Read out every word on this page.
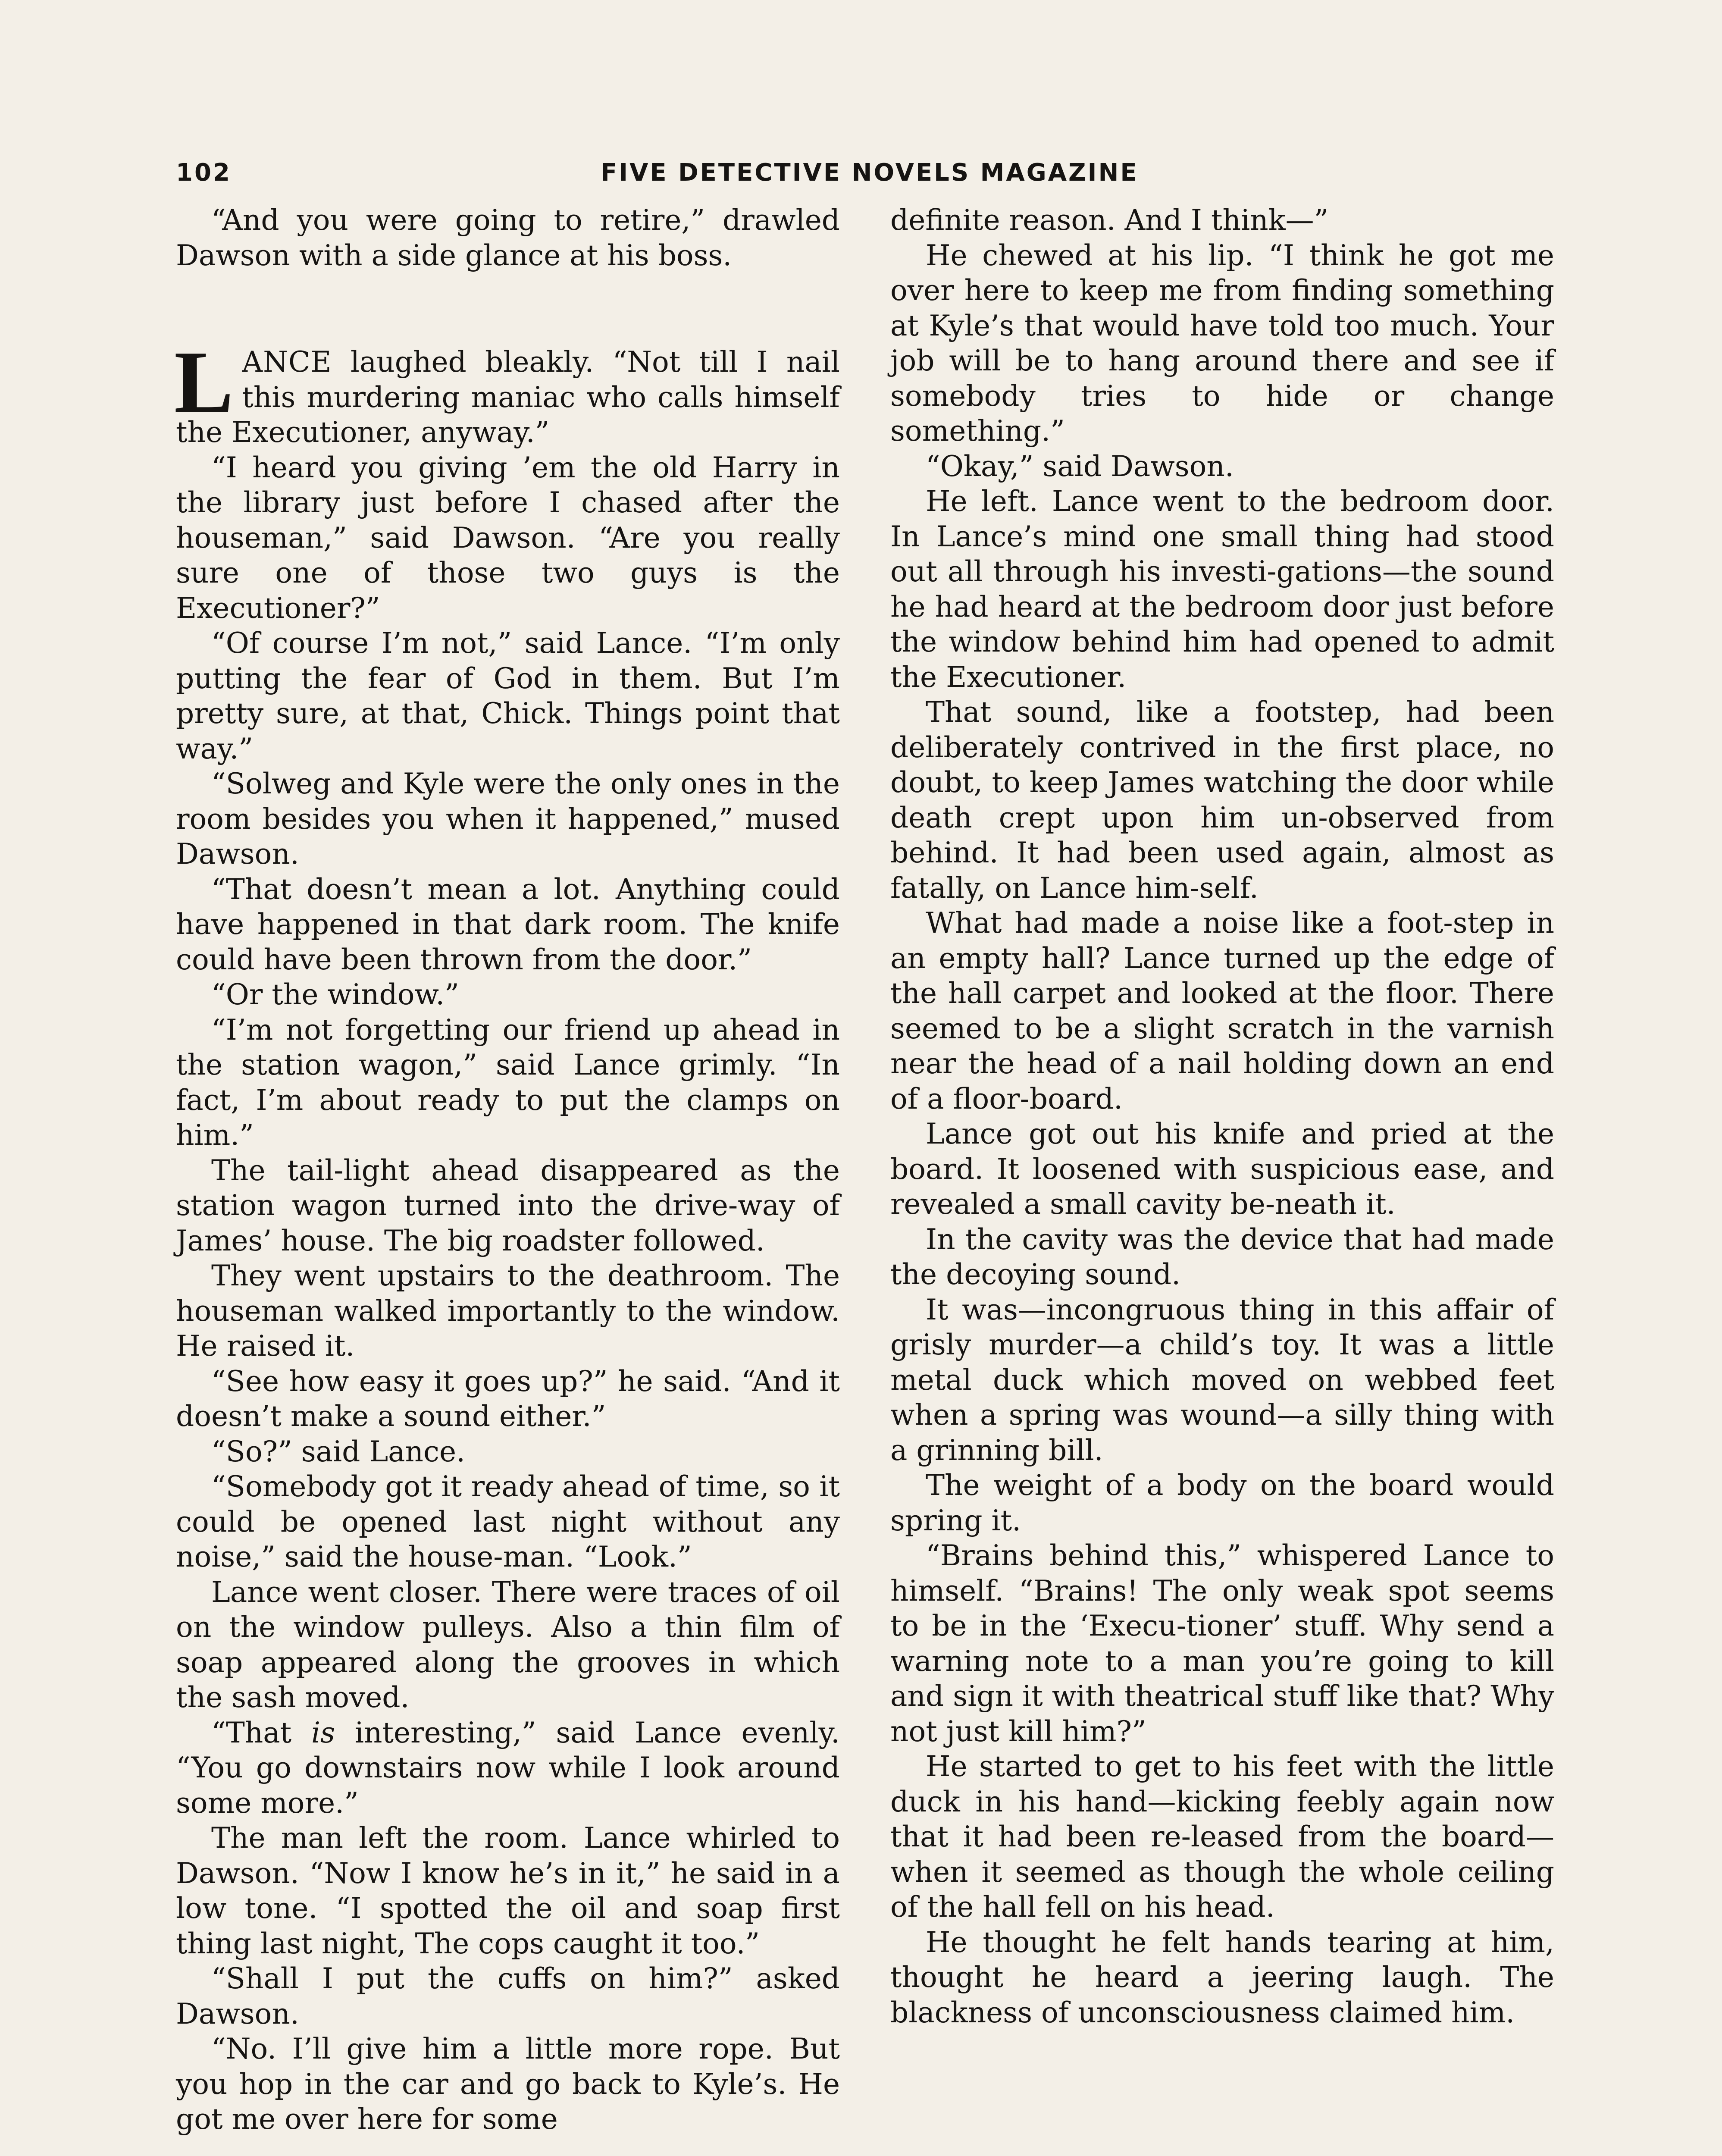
102	FIVE DETECTIVE NOVELS MAGAZINE

“And you were going to retire,” drawled Dawson with a side glance at his boss.

LANCE laughed bleakly. “Not till I nail this murdering maniac who calls himself the Executioner, anyway.”

“I heard you giving ’em the old Harry in the library just before I chased after the houseman,” said Dawson. “Are you really sure one of those two guys is the Executioner?”

“Of course I’m not,” said Lance. “I’m only putting the fear of God in them. But I’m pretty sure, at that, Chick. Things point that way.”

“Solweg and Kyle were the only ones in the room besides you when it happened,” mused Dawson.

“That doesn’t mean a lot. Anything could have happened in that dark room. The knife could have been thrown from the door.”

“Or the window.”

“I’m not forgetting our friend up ahead in the station wagon,” said Lance grimly. “In fact, I’m about ready to put the clamps on him.”

The tail-light ahead disappeared as the station wagon turned into the drive-way of James’ house. The big roadster followed.

They went upstairs to the deathroom. The houseman walked importantly to the window. He raised it.

“See how easy it goes up?” he said. “And it doesn’t make a sound either.”

“So?” said Lance.

“Somebody got it ready ahead of time, so it could be opened last night without any noise,” said the house-man. “Look.”

Lance went closer. There were traces of oil on the window pulleys. Also a thin film of soap appeared along the grooves in which the sash moved.

“That is interesting,” said Lance evenly. “You go downstairs now while I look around some more.”

The man left the room. Lance whirled to Dawson. “Now I know he’s in it,” he said in a low tone. “I spotted the oil and soap first thing last night, The cops caught it too.”

“Shall I put the cuffs on him?” asked Dawson.

“No. I’ll give him a little more rope. But you hop in the car and go back to Kyle’s. He got me over here for some

definite reason. And I think—”

He chewed at his lip. “I think he got me over here to keep me from finding something at Kyle’s that would have told too much. Your job will be to hang around there and see if somebody tries to hide or change something.”

“Okay,” said Dawson.

He left. Lance went to the bedroom door. In Lance’s mind one small thing had stood out all through his investi-gations—the sound he had heard at the bedroom door just before the window behind him had opened to admit the Executioner.

That sound, like a footstep, had been deliberately contrived in the first place, no doubt, to keep James watching the door while death crept upon him un-observed from behind. It had been used again, almost as fatally, on Lance him-self.

What had made a noise like a foot-step in an empty hall? Lance turned up the edge of the hall carpet and looked at the floor. There seemed to be a slight scratch in the varnish near the head of a nail holding down an end of a floor-board.

Lance got out his knife and pried at the board. It loosened with suspicious ease, and revealed a small cavity be-neath it.

In the cavity was the device that had made the decoying sound.

It was—incongruous thing in this affair of grisly murder—a child’s toy. It was a little metal duck which moved on webbed feet when a spring was wound—a silly thing with a grinning bill.

The weight of a body on the board would spring it.

“Brains behind this,” whispered Lance to himself. “Brains! The only weak spot seems to be in the ‘Execu-tioner’ stuff. Why send a warning note to a man you’re going to kill and sign it with theatrical stuff like that? Why not just kill him?”

He started to get to his feet with the little duck in his hand—kicking feebly again now that it had been re-leased from the board—when it seemed as though the whole ceiling of the hall fell on his head.

He thought he felt hands tearing at him, thought he heard a jeering laugh. The blackness of unconsciousness claimed him.
